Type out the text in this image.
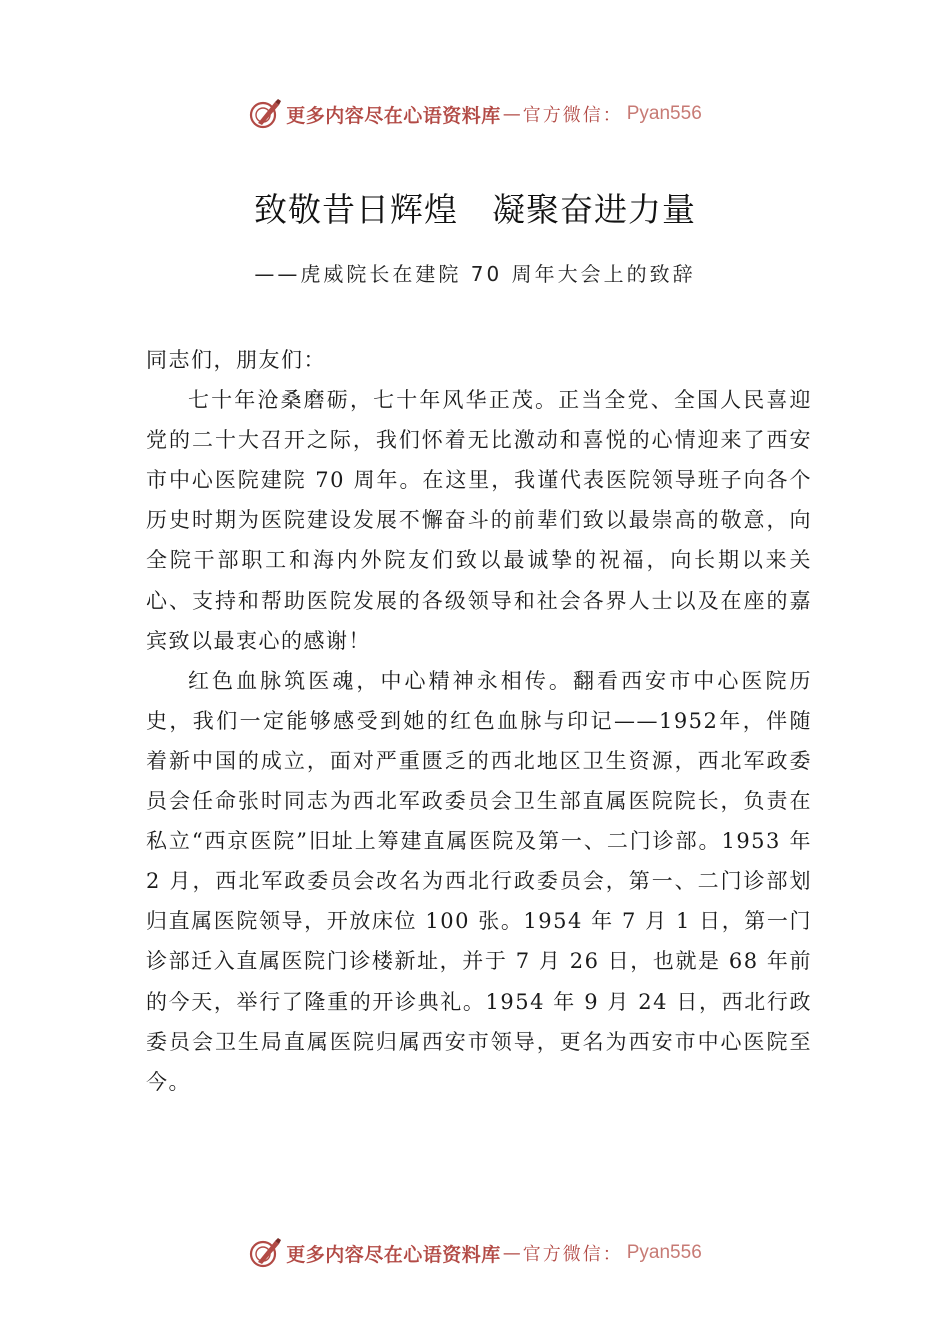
更多内容尽在心语资料库 — 官方微信： Pyan556
致敬昔日辉煌　凝聚奋进力量
——虎威院长在建院 70 周年大会上的致辞

同志们，朋友们：

七十年沧桑磨砺，七十年风华正茂。正当全党、全国人民喜迎党的二十大召开之际，我们怀着无比激动和喜悦的心情迎来了西安市中心医院建院 70 周年。在这里，我谨代表医院领导班子向各个历史时期为医院建设发展不懈奋斗的前辈们致以最崇高的敬意，向全院干部职工和海内外院友们致以最诚挚的祝福，向长期以来关心、支持和帮助医院发展的各级领导和社会各界人士以及在座的嘉宾致以最衷心的感谢！

红色血脉筑医魂，中心精神永相传。翻看西安市中心医院历史，我们一定能够感受到她的红色血脉与印记——1952年，伴随着新中国的成立，面对严重匮乏的西北地区卫生资源，西北军政委员会任命张时同志为西北军政委员会卫生部直属医院院长，负责在私立“西京医院”旧址上筹建直属医院及第一、二门诊部。1953 年 2 月，西北军政委员会改名为西北行政委员会，第一、二门诊部划归直属医院领导，开放床位 100 张。1954 年 7 月 1 日，第一门诊部迁入直属医院门诊楼新址，并于 7 月 26 日，也就是 68 年前的今天，举行了隆重的开诊典礼。1954 年 9 月 24 日，西北行政委员会卫生局直属医院归属西安市领导，更名为西安市中心医院至今。

更多内容尽在心语资料库 — 官方微信： Pyan556
